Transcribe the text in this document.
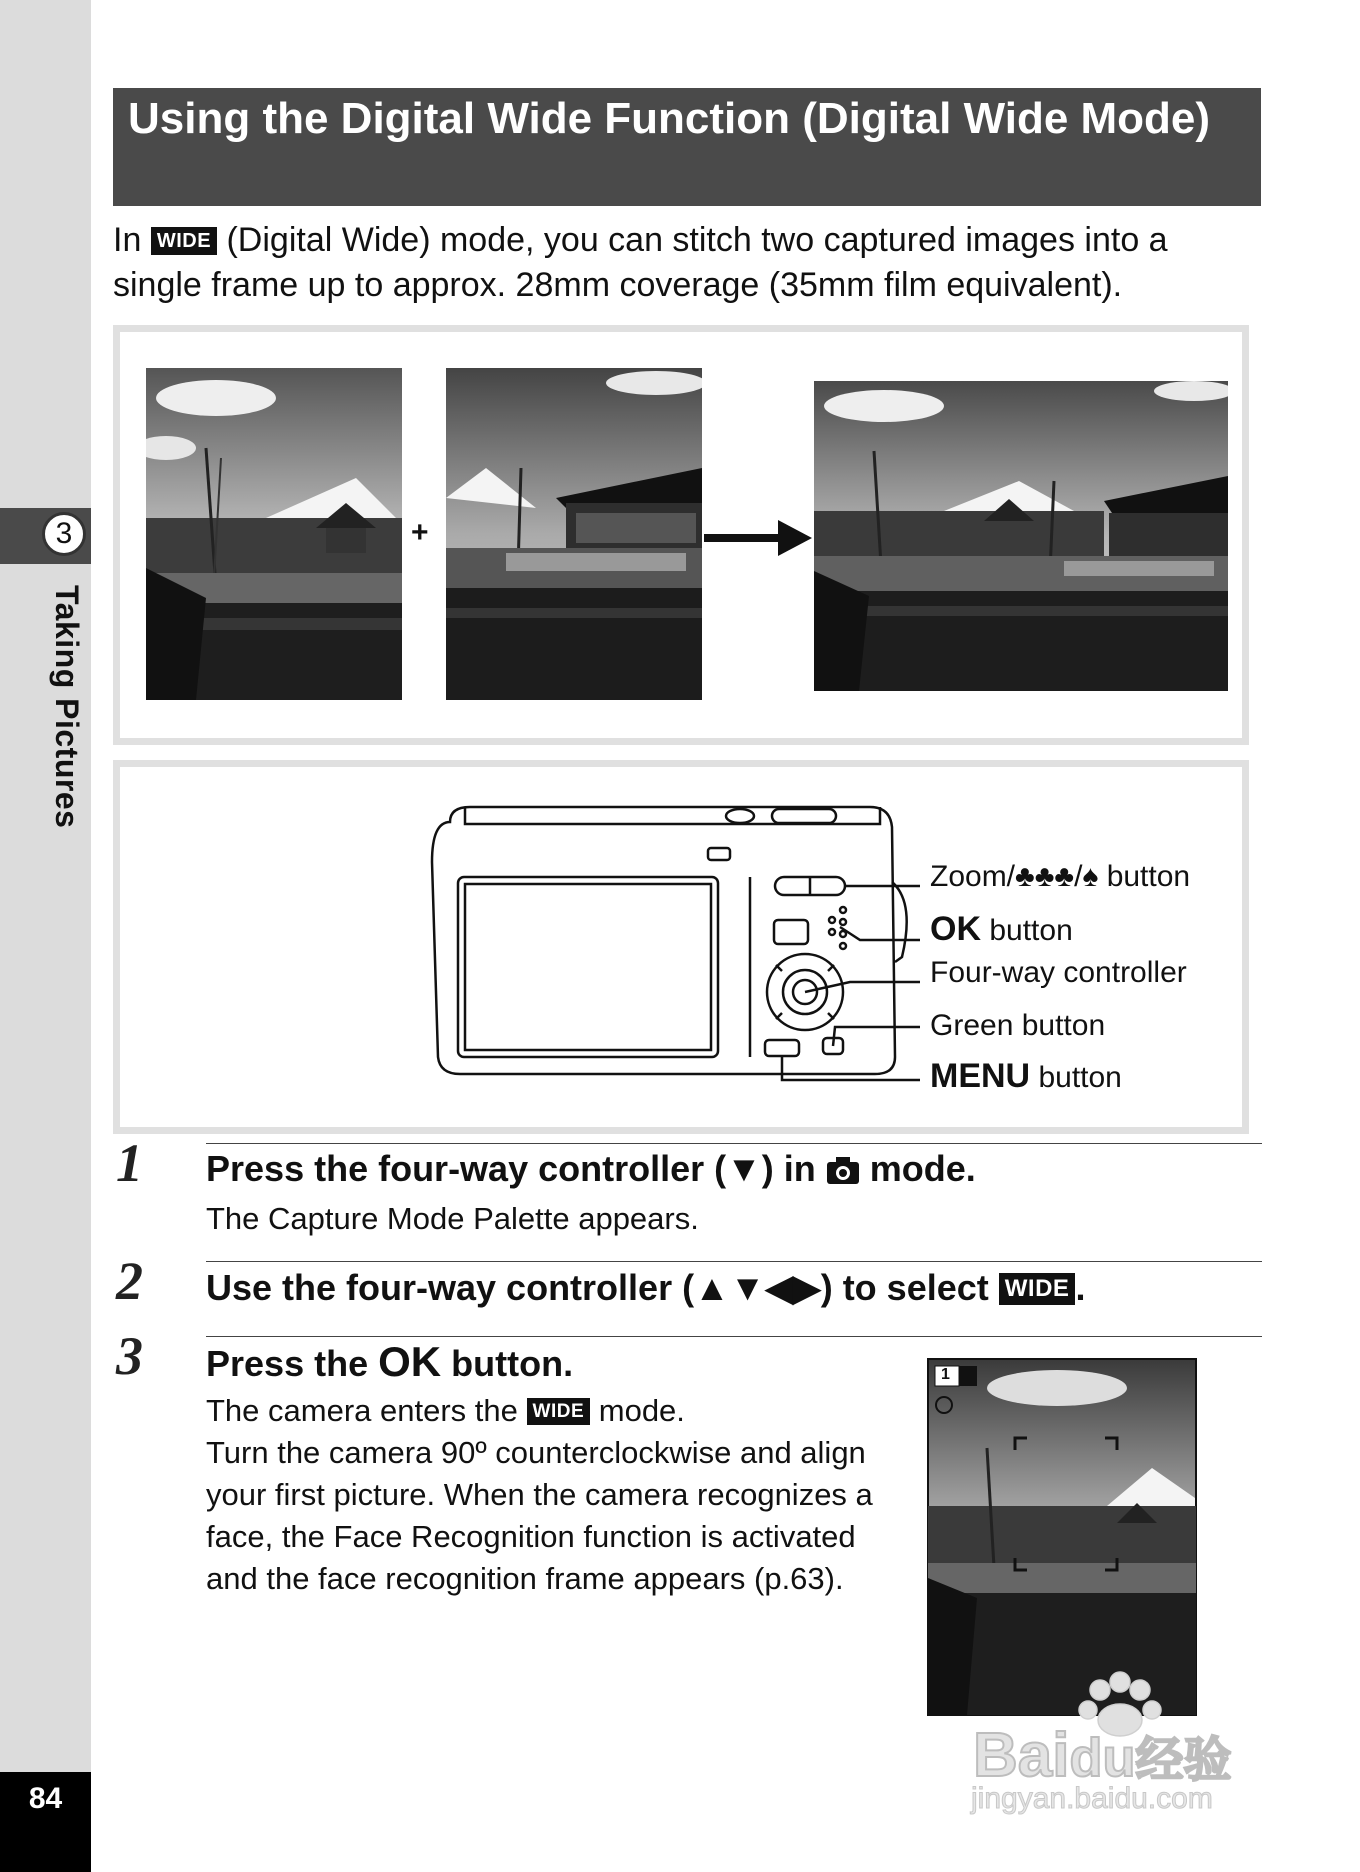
3
Taking Pictures
84
Using the Digital Wide Function (Digital Wide Mode)
In WIDE (Digital Wide) mode, you can stitch two captured images into a single frame up to approx. 28mm coverage (35mm film equivalent).
+
Zoom/♣♣♣/♠ button
OK button
Four-way controller
Green button
MENU button
1 Press the four-way controller (▼) in mode.
The Capture Mode Palette appears.
2 Use the four-way controller (▲▼◀▶) to select WIDE .
3 Press the OK button.
The camera enters the WIDE mode.
Turn the camera 90º counterclockwise and align your first picture. When the camera recognizes a face, the Face Recognition function is activated and the face recognition frame appears (p.63).
1
Baidu经验
jingyan.baidu.com
